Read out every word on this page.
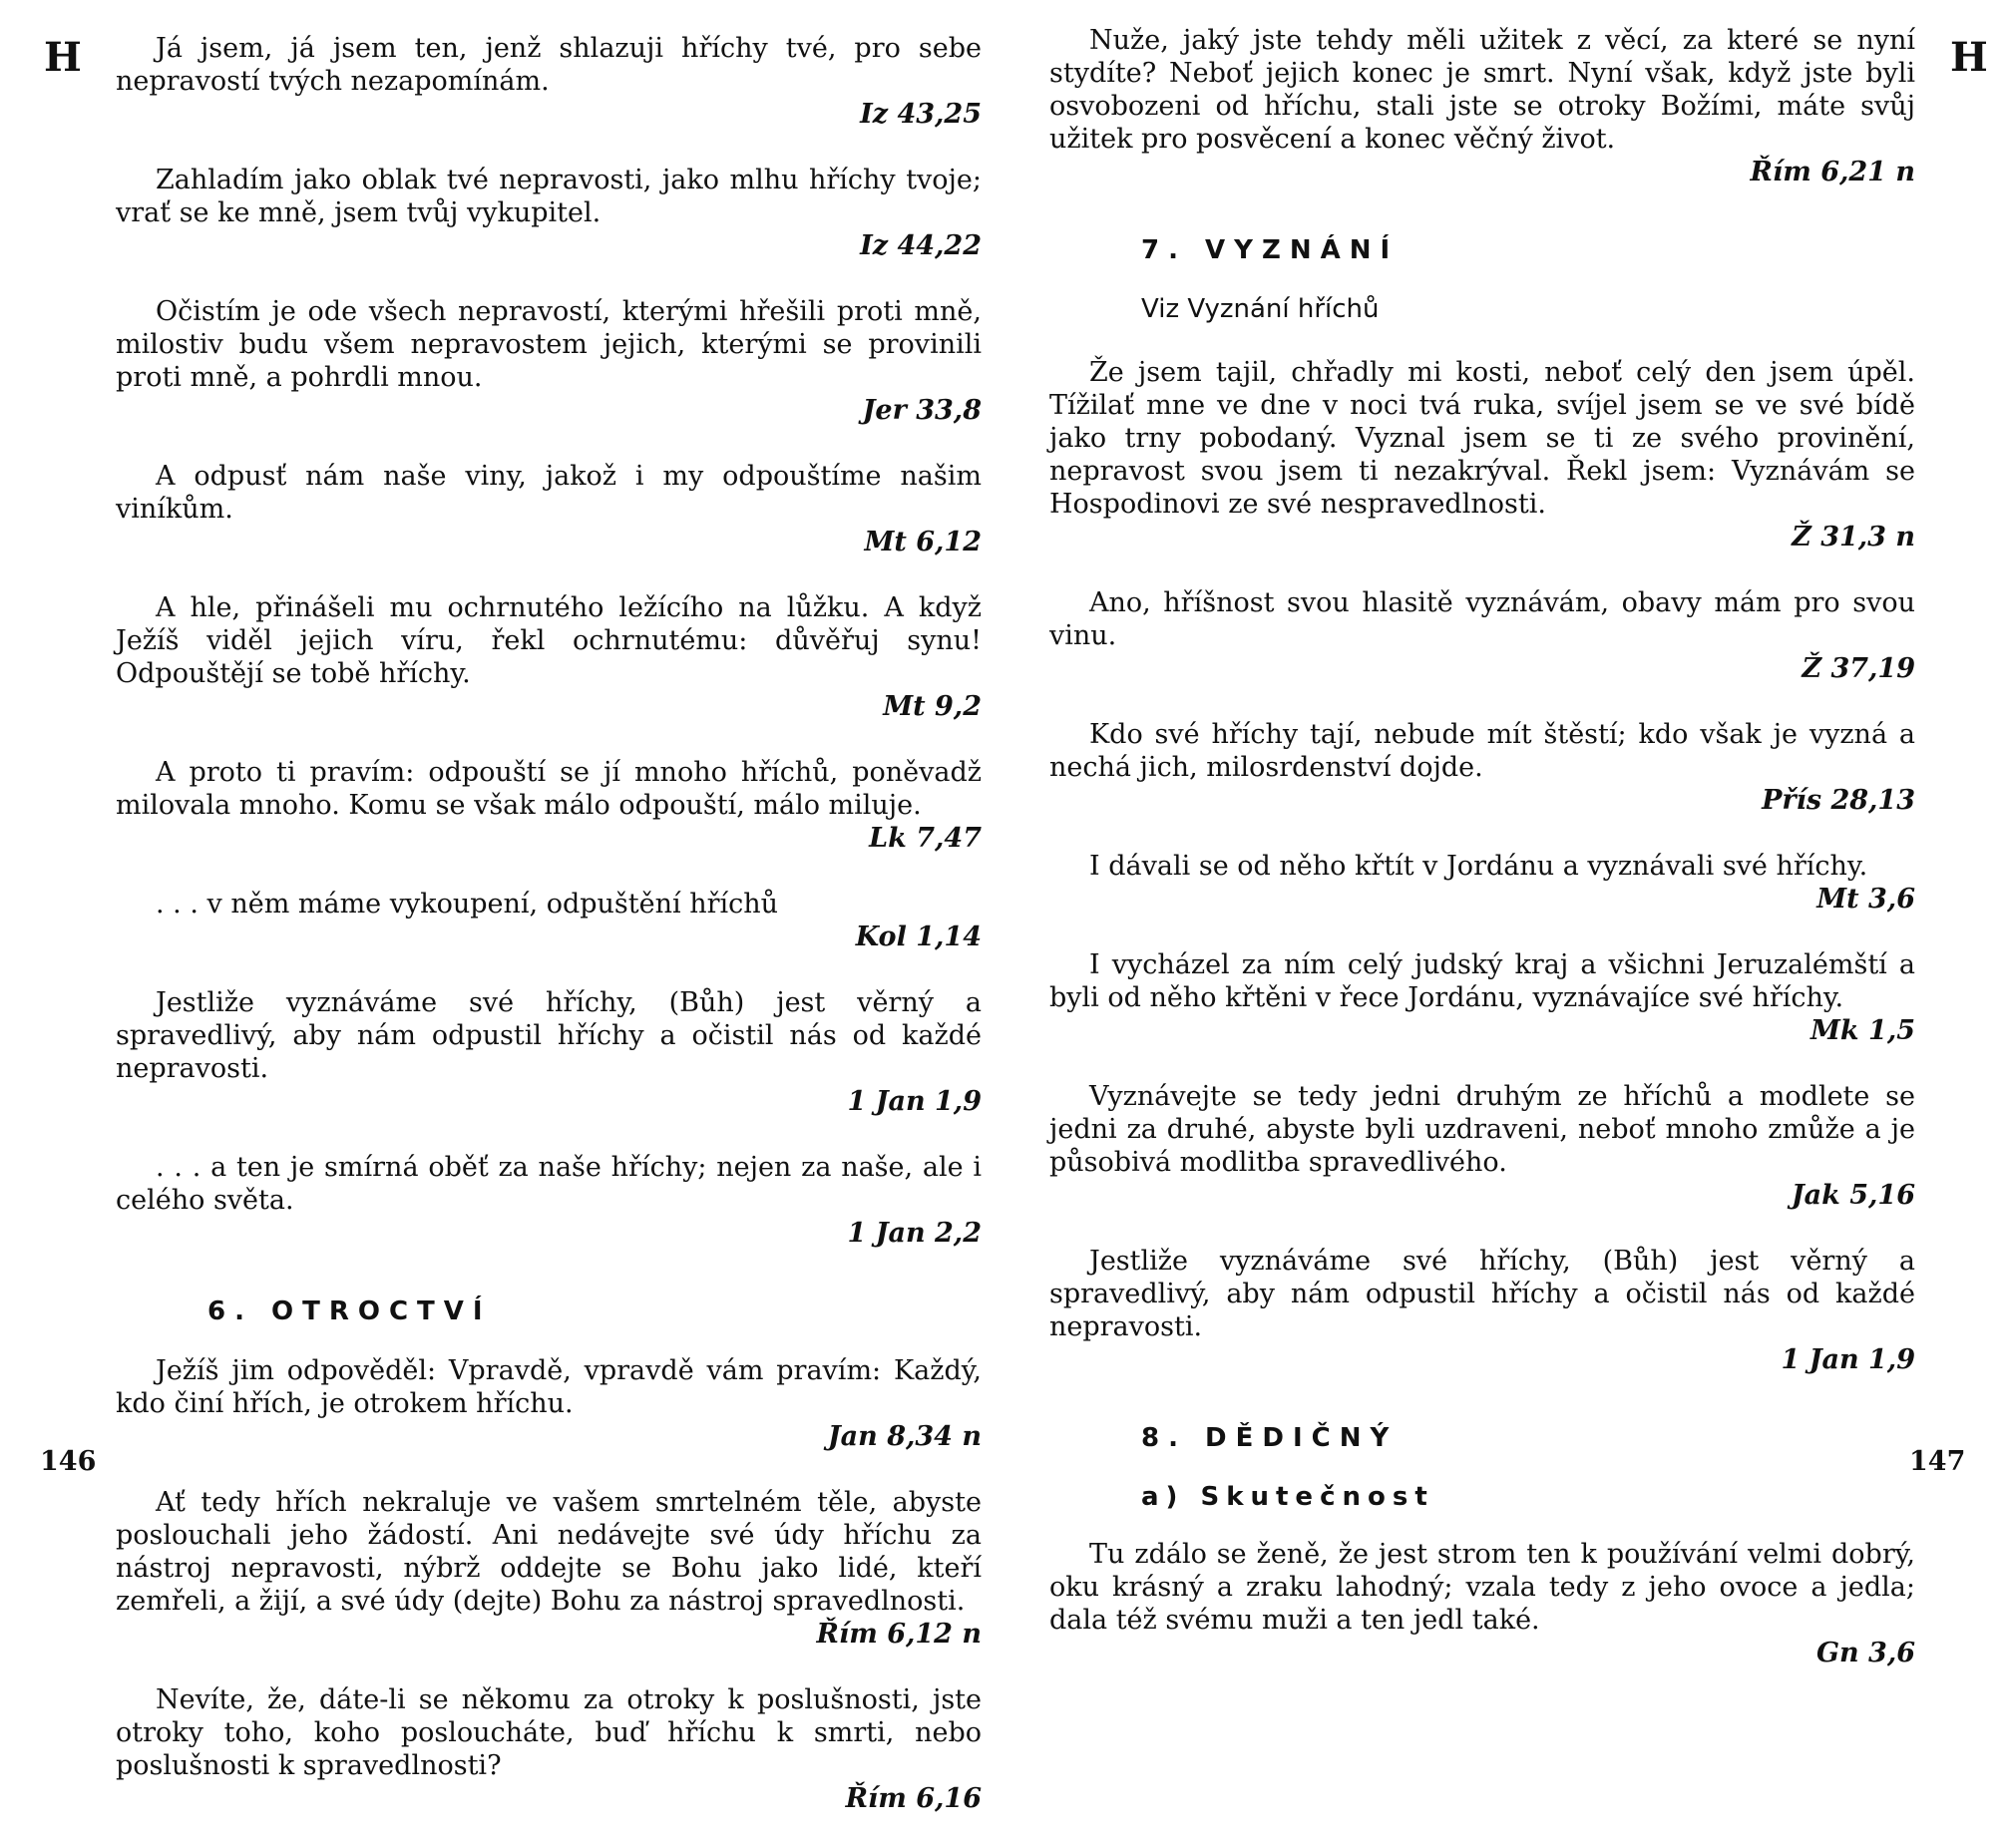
H	H
146	147
Já jsem, já jsem ten, jenž shlazuji hříchy tvé, pro sebe nepravostí tvých nezapomínám.
Iz 43,25
Zahladím jako oblak tvé nepravosti, jako mlhu hříchy tvoje; vrať se ke mně, jsem tvůj vykupitel.
Iz 44,22
Očistím je ode všech nepravostí, kterými hřešili proti mně, milostiv budu všem nepravostem jejich, kterými se provinili proti mně, a pohrdli mnou.
Jer 33,8
A odpusť nám naše viny, jakož i my odpouštíme našim viníkům.
Mt 6,12
A hle, přinášeli mu ochrnutého ležícího na lůžku. A když Ježíš viděl jejich víru, řekl ochrnutému: důvěřuj synu! Odpouštějí se tobě hříchy.
Mt 9,2
A proto ti pravím: odpouští se jí mnoho hříchů, poněvadž milovala mnoho. Komu se však málo odpouští, málo miluje.
Lk 7,47
. . . v něm máme vykoupení, odpuštění hříchů
Kol 1,14
Jestliže vyznáváme své hříchy, (Bůh) jest věrný a spravedlivý, aby nám odpustil hříchy a očistil nás od každé nepravosti.
1 Jan 1,9
. . . a ten je smírná oběť za naše hříchy; nejen za naše, ale i celého světa.
1 Jan 2,2
6. OTROCTVÍ
Ježíš jim odpověděl: Vpravdě, vpravdě vám pravím: Každý, kdo činí hřích, je otrokem hříchu.
Jan 8,34 n
Ať tedy hřích nekraluje ve vašem smrtelném těle, abyste poslouchali jeho žádostí. Ani nedávejte své údy hříchu za nástroj nepravosti, nýbrž oddejte se Bohu jako lidé, kteří zemřeli, a žijí, a své údy (dejte) Bohu za nástroj spravedlnosti.
Řím 6,12 n
Nevíte, že, dáte-li se někomu za otroky k poslušnosti, jste otroky toho, koho posloucháte, buď hříchu k smrti, nebo poslušnosti k spravedlnosti?
Řím 6,16
Nuže, jaký jste tehdy měli užitek z věcí, za které se nyní stydíte? Neboť jejich konec je smrt. Nyní však, když jste byli osvobozeni od hříchu, stali jste se otroky Božími, máte svůj užitek pro posvěcení a konec věčný život.
Řím 6,21 n
7. VYZNÁNÍ
Viz Vyznání hříchů
Že jsem tajil, chřadly mi kosti, neboť celý den jsem úpěl. Tížilať mne ve dne v noci tvá ruka, svíjel jsem se ve své bídě jako trny pobodaný. Vyznal jsem se ti ze svého provinění, nepravost svou jsem ti nezakrýval. Řekl jsem: Vyznávám se Hospodinovi ze své nespravedlnosti.
Ž 31,3 n
Ano, hříšnost svou hlasitě vyznávám, obavy mám pro svou vinu.
Ž 37,19
Kdo své hříchy tají, nebude mít štěstí; kdo však je vyzná a nechá jich, milosrdenství dojde.
Přís 28,13
I dávali se od něho křtít v Jordánu a vyznávali své hříchy.
Mt 3,6
I vycházel za ním celý judský kraj a všichni Jeruzalémští a byli od něho křtěni v řece Jordánu, vyznávajíce své hříchy.
Mk 1,5
Vyznávejte se tedy jedni druhým ze hříchů a modlete se jedni za druhé, abyste byli uzdraveni, neboť mnoho zmůže a je působivá modlitba spravedlivého.
Jak 5,16
Jestliže vyznáváme své hříchy, (Bůh) jest věrný a spravedlivý, aby nám odpustil hříchy a očistil nás od každé nepravosti.
1 Jan 1,9
8. DĚDIČNÝ
a) Skutečnost
Tu zdálo se ženě, že jest strom ten k používání velmi dobrý, oku krásný a zraku lahodný; vzala tedy z jeho ovoce a jedla; dala též svému muži a ten jedl také.
Gn 3,6
